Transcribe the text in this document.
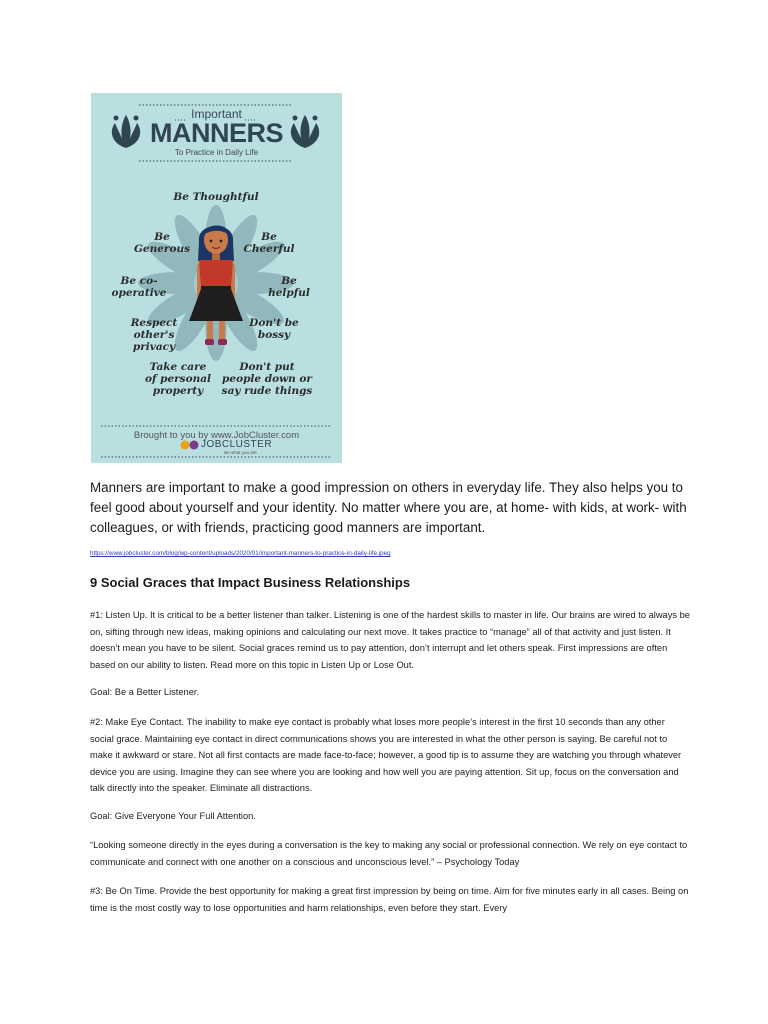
Important
MANNERS
To Practice in Daily Life
Be Thoughtful
Be Generous
Be Cheerful
Be co-operative
Be helpful
Respect other's privacy
Don't be bossy
Take care of personal property
Don't put people down or say rude things
Brought to you by www.JobCluster.com
JOBCLUSTER
Be what you are
Manners are important to make a good impression on others in everyday life. They also helps you to feel good about yourself and your identity. No matter where you are, at home- with kids, at work- with colleagues, or with friends, practicing good manners are important.
https://www.jobcluster.com/blog/wp-content/uploads/2020/01/important-manners-to-practice-in-daily-life.jpeg
9 Social Graces that Impact Business Relationships
#1: Listen Up. It is critical to be a better listener than talker. Listening is one of the hardest skills to master in life. Our brains are wired to always be on, sifting through new ideas, making opinions and calculating our next move. It takes practice to “manage” all of that activity and just listen. It doesn’t mean you have to be silent. Social graces remind us to pay attention, don’t interrupt and let others speak. First impressions are often based on our ability to listen. Read more on this topic in Listen Up or Lose Out.
Goal: Be a Better Listener.
#2: Make Eye Contact. The inability to make eye contact is probably what loses more people’s interest in the first 10 seconds than any other social grace. Maintaining eye contact in direct communications shows you are interested in what the other person is saying. Be careful not to make it awkward or stare. Not all first contacts are made face-to-face; however, a good tip is to assume they are watching you through whatever device you are using. Imagine they can see where you are looking and how well you are paying attention. Sit up, focus on the conversation and talk directly into the speaker. Eliminate all distractions.
Goal: Give Everyone Your Full Attention.
“Looking someone directly in the eyes during a conversation is the key to making any social or professional connection. We rely on eye contact to communicate and connect with one another on a conscious and unconscious level.” – Psychology Today
#3: Be On Time. Provide the best opportunity for making a great first impression by being on time. Aim for five minutes early in all cases. Being on time is the most costly way to lose opportunities and harm relationships, even before they start. Every
